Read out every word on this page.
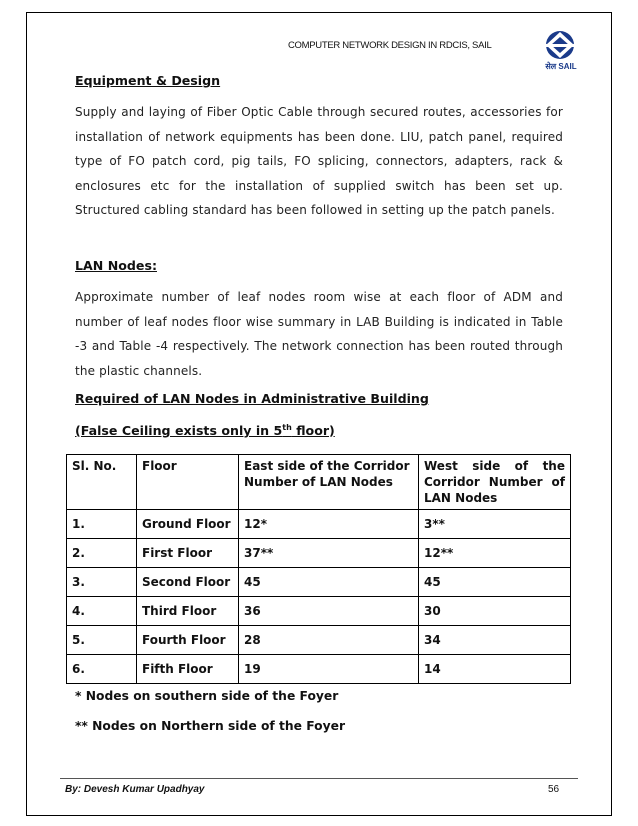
COMPUTER NETWORK DESIGN IN RDCIS, SAIL
सेल SAIL
Equipment & Design
Supply and laying of Fiber Optic Cable through secured routes, accessories for installation of network equipments has been done. LIU, patch panel, required type of FO patch cord, pig tails, FO splicing, connectors, adapters, rack & enclosures etc for the installation of supplied switch has been set up. Structured cabling standard has been followed in setting up the patch panels.
LAN Nodes:
Approximate number of leaf nodes room wise at each floor of ADM and number of leaf nodes floor wise summary in LAB Building is indicated in Table -3 and Table -4 respectively. The network connection has been routed through the plastic channels.
Required of LAN Nodes in Administrative Building
(False Ceiling exists only in 5th floor)
Sl. No.	Floor	East side of the Corridor Number of LAN Nodes	West side of the Corridor Number of LAN Nodes
1.	Ground Floor	12*	3**
2.	First Floor	37**	12**
3.	Second Floor	45	45
4.	Third Floor	36	30
5.	Fourth Floor	28	34
6.	Fifth Floor	19	14
* Nodes on southern side of the Foyer
** Nodes on Northern side of the Foyer
By: Devesh Kumar Upadhyay	56
